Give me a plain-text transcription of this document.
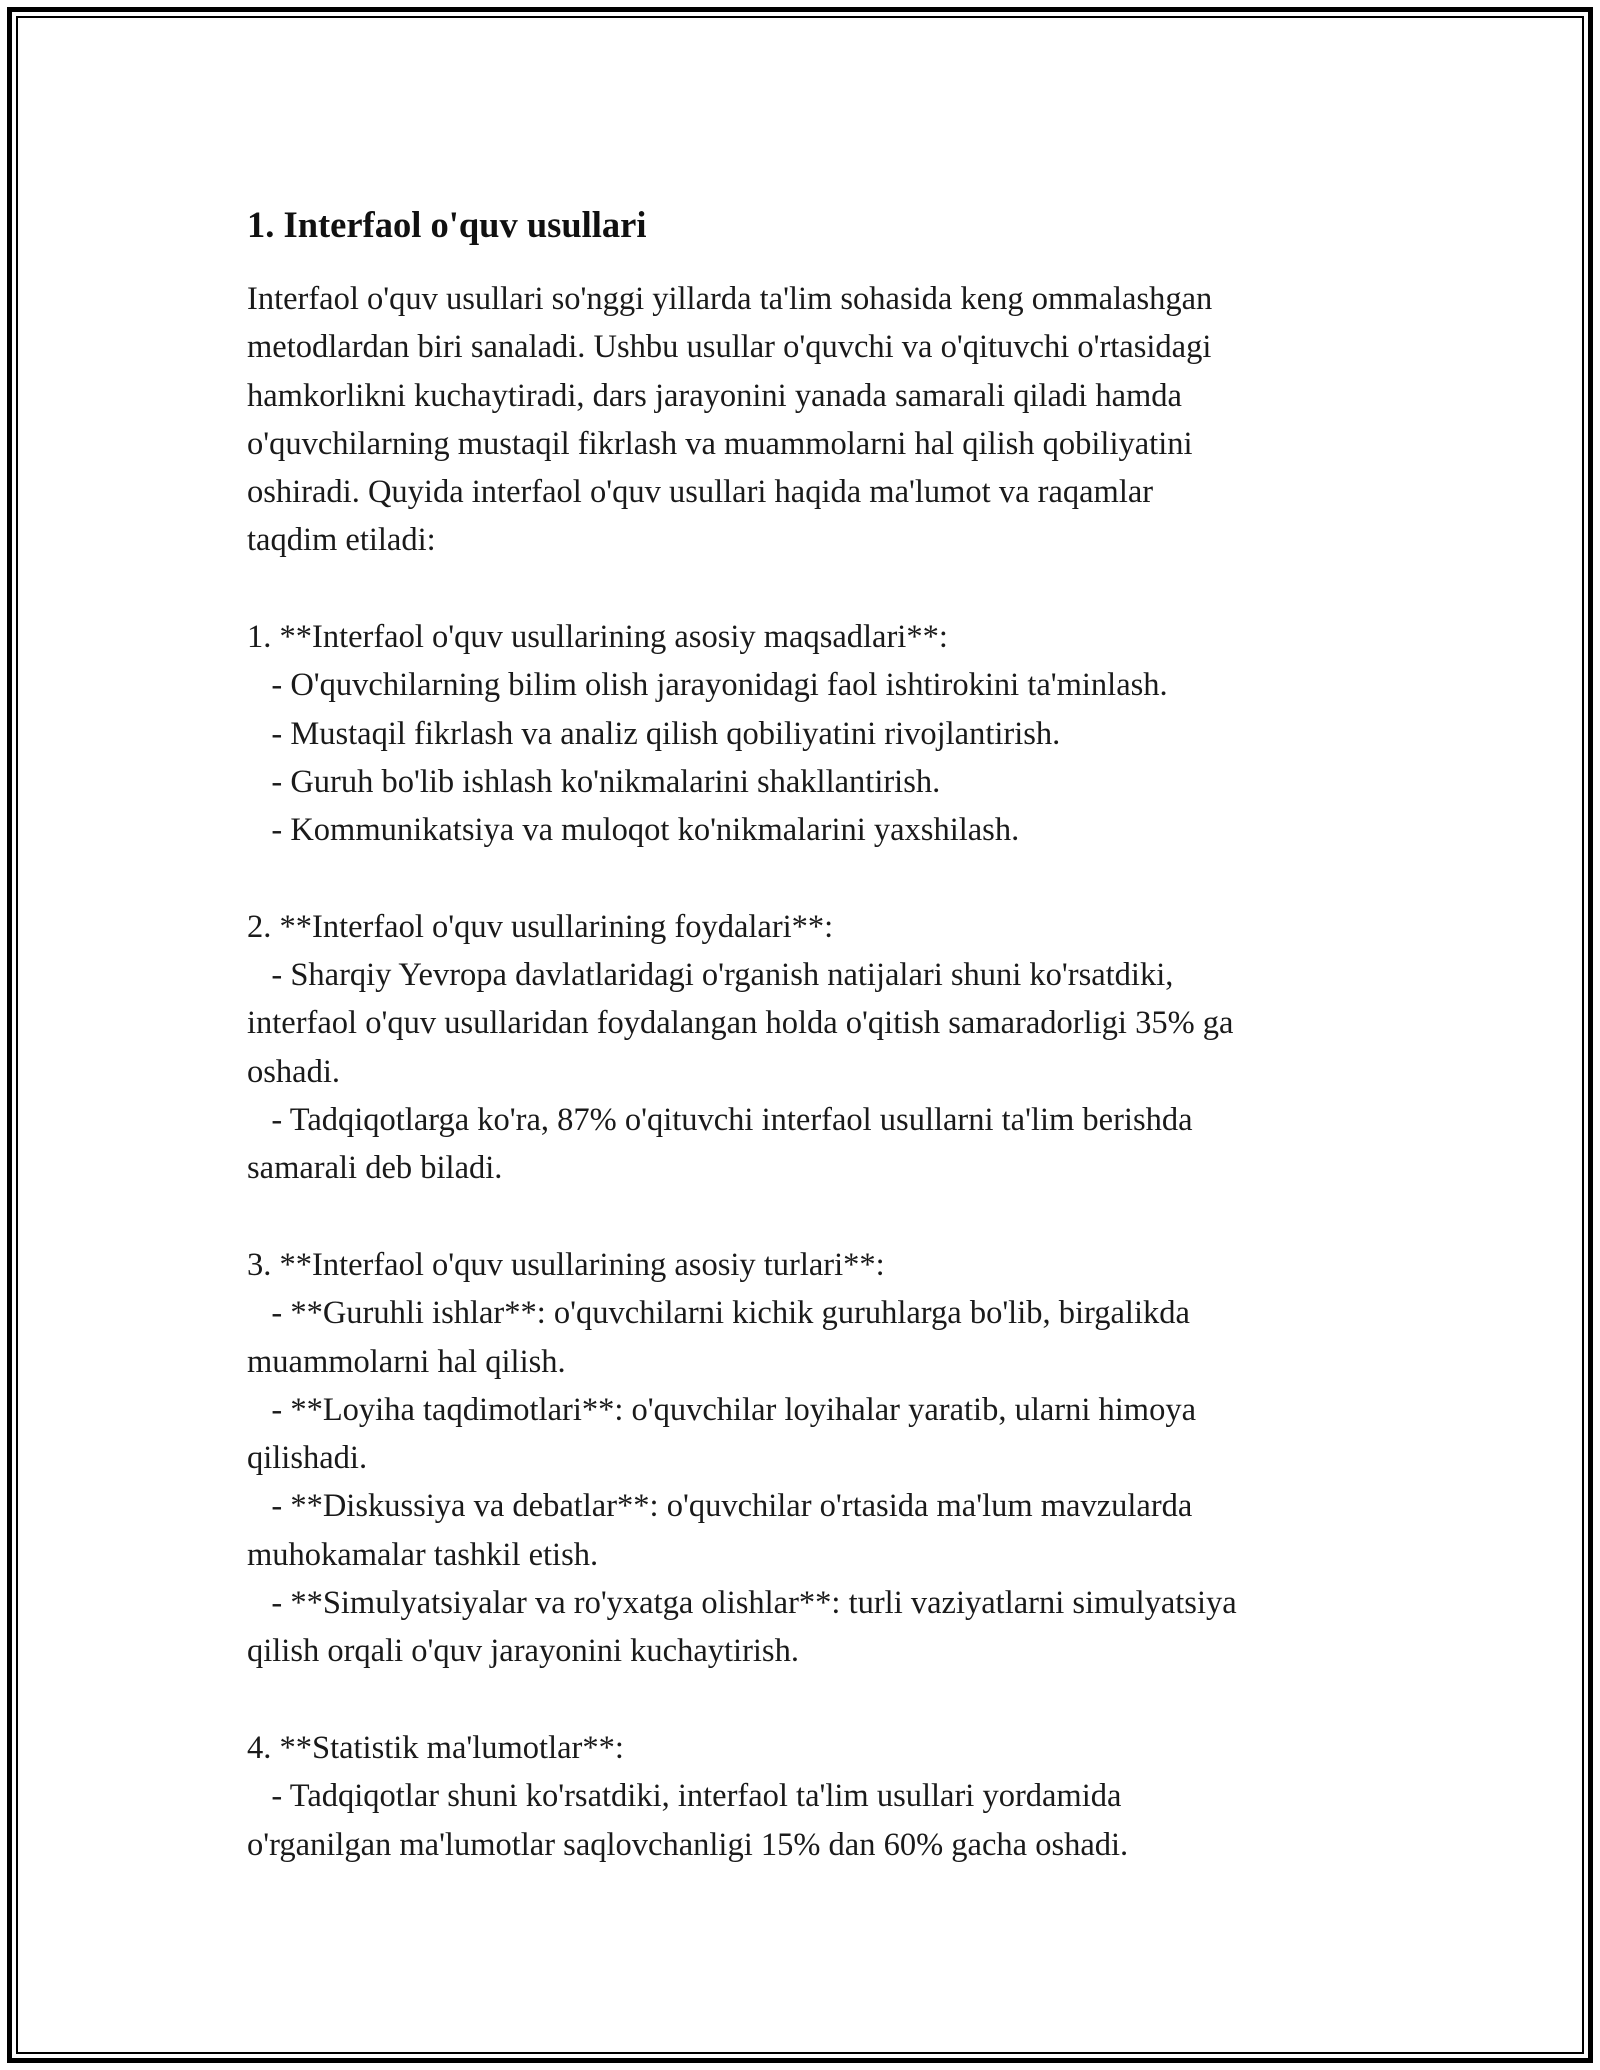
1. Interfaol o'quv usullari
Interfaol o'quv usullari so'nggi yillarda ta'lim sohasida keng ommalashgan
metodlardan biri sanaladi. Ushbu usullar o'quvchi va o'qituvchi o'rtasidagi
hamkorlikni kuchaytiradi, dars jarayonini yanada samarali qiladi hamda
o'quvchilarning mustaqil fikrlash va muammolarni hal qilish qobiliyatini
oshiradi. Quyida interfaol o'quv usullari haqida ma'lumot va raqamlar
taqdim etiladi:
1. **Interfaol o'quv usullarining asosiy maqsadlari**:
- O'quvchilarning bilim olish jarayonidagi faol ishtirokini ta'minlash.
- Mustaqil fikrlash va analiz qilish qobiliyatini rivojlantirish.
- Guruh bo'lib ishlash ko'nikmalarini shakllantirish.
- Kommunikatsiya va muloqot ko'nikmalarini yaxshilash.
2. **Interfaol o'quv usullarining foydalari**:
- Sharqiy Yevropa davlatlaridagi o'rganish natijalari shuni ko'rsatdiki,
interfaol o'quv usullaridan foydalangan holda o'qitish samaradorligi 35% ga
oshadi.
- Tadqiqotlarga ko'ra, 87% o'qituvchi interfaol usullarni ta'lim berishda
samarali deb biladi.
3. **Interfaol o'quv usullarining asosiy turlari**:
- **Guruhli ishlar**: o'quvchilarni kichik guruhlarga bo'lib, birgalikda
muammolarni hal qilish.
- **Loyiha taqdimotlari**: o'quvchilar loyihalar yaratib, ularni himoya
qilishadi.
- **Diskussiya va debatlar**: o'quvchilar o'rtasida ma'lum mavzularda
muhokamalar tashkil etish.
- **Simulyatsiyalar va ro'yxatga olishlar**: turli vaziyatlarni simulyatsiya
qilish orqali o'quv jarayonini kuchaytirish.
4. **Statistik ma'lumotlar**:
- Tadqiqotlar shuni ko'rsatdiki, interfaol ta'lim usullari yordamida
o'rganilgan ma'lumotlar saqlovchanligi 15% dan 60% gacha oshadi.
